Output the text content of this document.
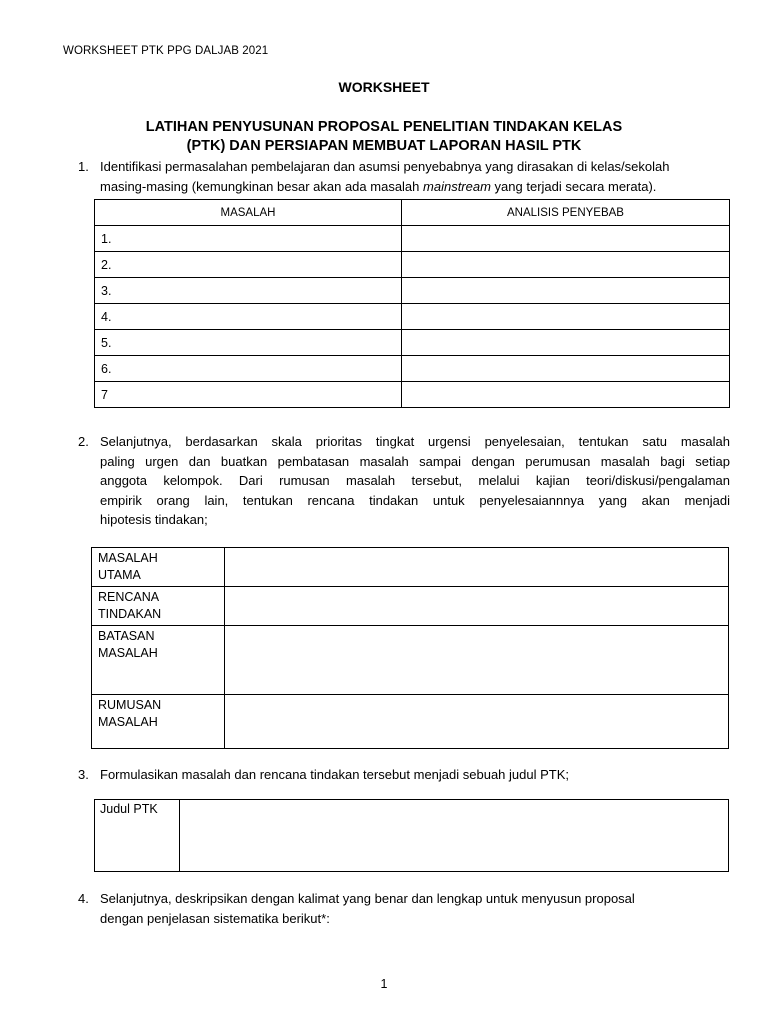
WORKSHEET PTK PPG DALJAB 2021
WORKSHEET
LATIHAN PENYUSUNAN PROPOSAL PENELITIAN TINDAKAN KELAS
(PTK) DAN PERSIAPAN MEMBUAT LAPORAN HASIL PTK
1. Identifikasi permasalahan pembelajaran dan asumsi penyebabnya yang dirasakan di kelas/sekolah
masing-masing (kemungkinan besar akan ada masalah mainstream yang terjadi secara merata).
MASALAH	ANALISIS PENYEBAB
1.	
2.	
3.	
4.	
5.	
6.	
7	
2. Selanjutnya, berdasarkan skala prioritas tingkat urgensi penyelesaian, tentukan satu masalah
paling urgen dan buatkan pembatasan masalah sampai dengan perumusan masalah bagi setiap
anggota kelompok. Dari rumusan masalah tersebut, melalui kajian teori/diskusi/pengalaman
empirik orang lain, tentukan rencana tindakan untuk penyelesaiannnya yang akan menjadi
hipotesis tindakan;
MASALAH
UTAMA	

RENCANA
TINDAKAN	

BATASAN
MASALAH	

RUMUSAN
MASALAH	

3. Formulasikan masalah dan rencana tindakan tersebut menjadi sebuah judul PTK;
Judul PTK	
4. Selanjutnya, deskripsikan dengan kalimat yang benar dan lengkap untuk menyusun proposal
dengan penjelasan sistematika berikut*:
1
